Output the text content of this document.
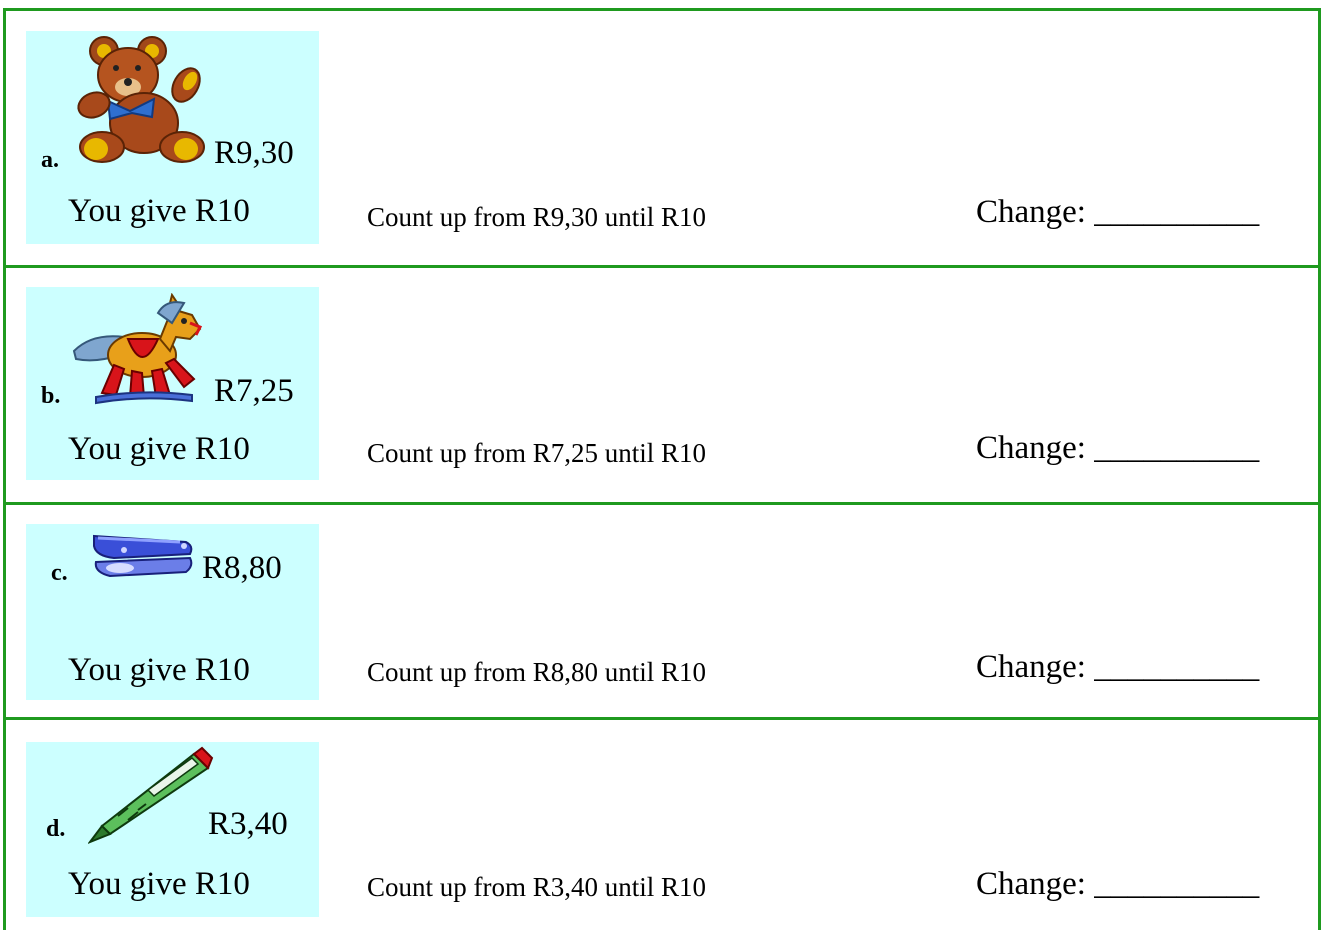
a.	R9,30
You give R10	Count up from R9,30 until R10	Change: __________
b.	R7,25
You give R10	Count up from R7,25 until R10	Change: __________
c.	R8,80
You give R10	Count up from R8,80 until R10	Change: __________
d.	R3,40
You give R10	Count up from R3,40 until R10	Change: __________
